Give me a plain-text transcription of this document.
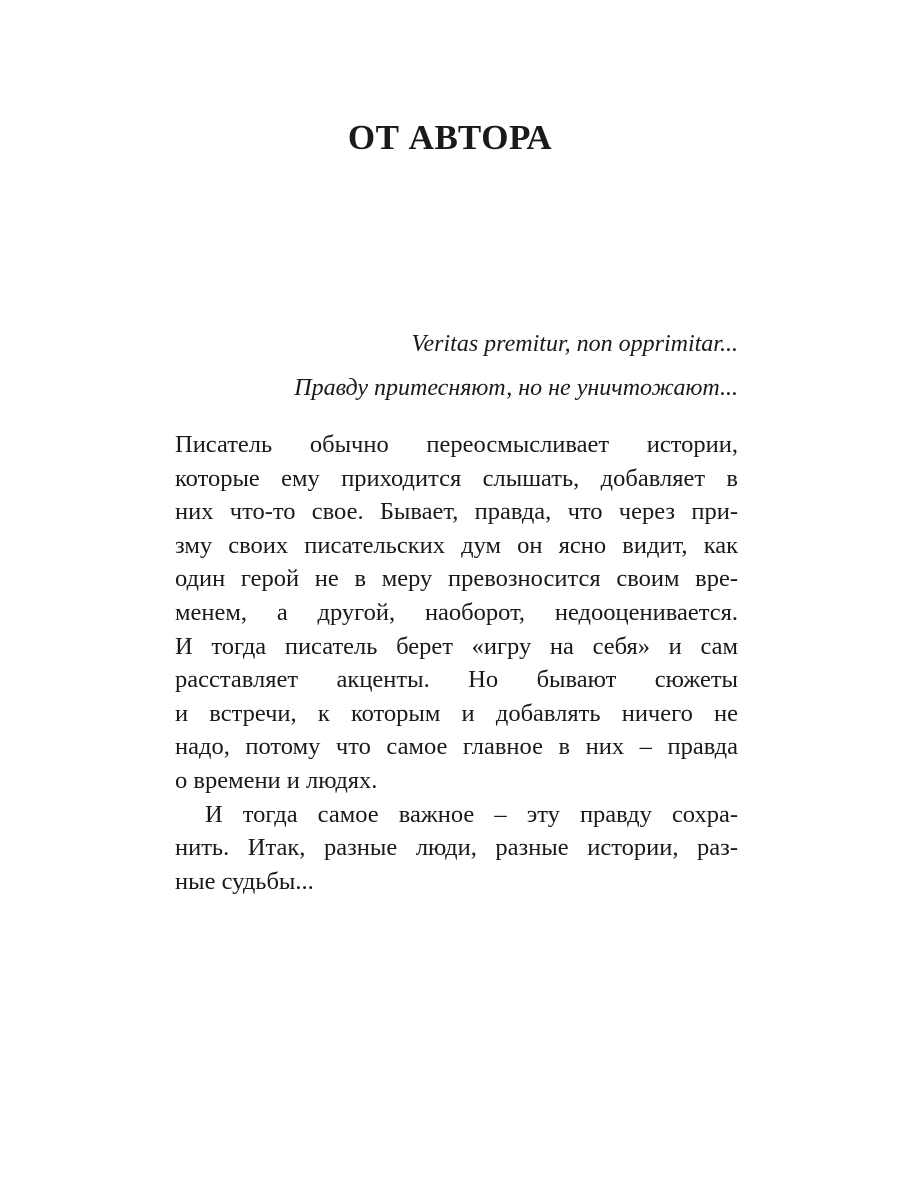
ОТ АВТОРА
Veritas premitur, non opprimitar...
Правду притесняют, но не уничтожают...
Писатель обычно переосмысливает истории,
которые ему приходится слышать, добавляет в
них что-то свое. Бывает, правда, что через при-
зму своих писательских дум он ясно видит, как
один герой не в меру превозносится своим вре-
менем, а другой, наоборот, недооценивается.
И тогда писатель берет «игру на себя» и сам
расставляет акценты. Но бывают сюжеты
и встречи, к которым и добавлять ничего не
надо, потому что самое главное в них – правда
о времени и людях.
И тогда самое важное – эту правду сохра-
нить. Итак, разные люди, разные истории, раз-
ные судьбы...
